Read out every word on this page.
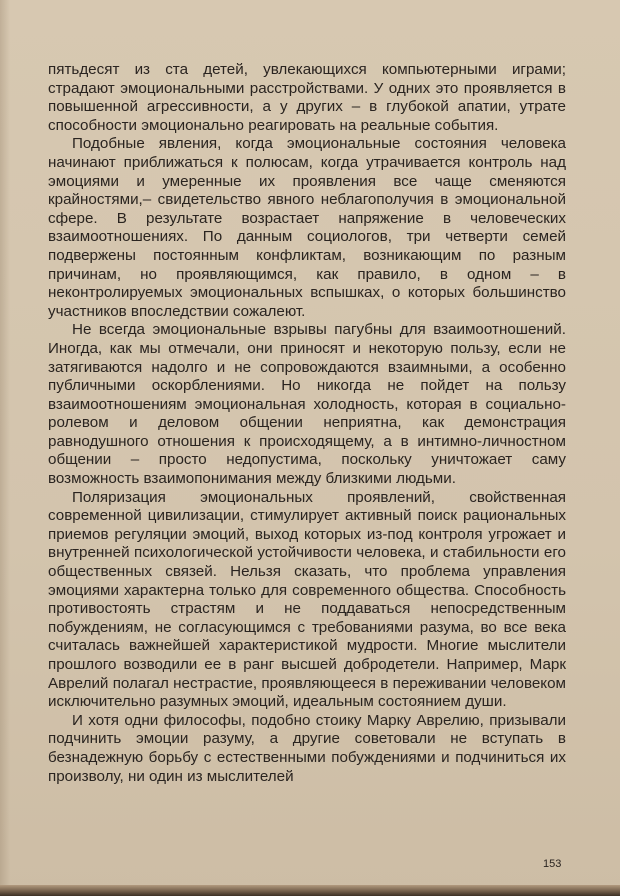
пятьдесят из ста детей, увлекающихся компьютерными играми; страдают эмоциональными расстройствами. У одних это проявляется в повышенной агрессивности, а у других – в глубокой апатии, утрате способности эмоционально реагировать на реальные события.

Подобные явления, когда эмоциональные состояния человека начинают приближаться к полюсам, когда утрачивается контроль над эмоциями и умеренные их проявления все чаще сменяются крайностями,– свидетельство явного неблагополучия в эмоциональной сфере. В результате возрастает напряжение в человеческих взаимоотношениях. По данным социологов, три четверти семей подвержены постоянным конфликтам, возникающим по разным причинам, но проявляющимся, как правило, в одном – в неконтролируемых эмоциональных вспышках, о которых большинство участников впоследствии сожалеют.

Не всегда эмоциональные взрывы пагубны для взаимоотношений. Иногда, как мы отмечали, они приносят и некоторую пользу, если не затягиваются надолго и не сопровождаются взаимными, а особенно публичными оскорблениями. Но никогда не пойдет на пользу взаимоотношениям эмоциональная холодность, которая в социально-ролевом и деловом общении неприятна, как демонстрация равнодушного отношения к происходящему, а в интимно-личностном общении – просто недопустима, поскольку уничтожает саму возможность взаимопонимания между близкими людьми.

Поляризация эмоциональных проявлений, свойственная современной цивилизации, стимулирует активный поиск рациональных приемов регуляции эмоций, выход которых из-под контроля угрожает и внутренней психологической устойчивости человека, и стабильности его общественных связей. Нельзя сказать, что проблема управления эмоциями характерна только для современного общества. Способность противостоять страстям и не поддаваться непосредственным побуждениям, не согласующимся с требованиями разума, во все века считалась важнейшей характеристикой мудрости. Многие мыслители прошлого возводили ее в ранг высшей добродетели. Например, Марк Аврелий полагал нестрастие, проявляющееся в переживании человеком исключительно разумных эмоций, идеальным состоянием души.

И хотя одни философы, подобно стоику Марку Аврелию, призывали подчинить эмоции разуму, а другие советовали не вступать в безнадежную борьбу с естественными побуждениями и подчиниться их произволу, ни один из мыслителей

153
